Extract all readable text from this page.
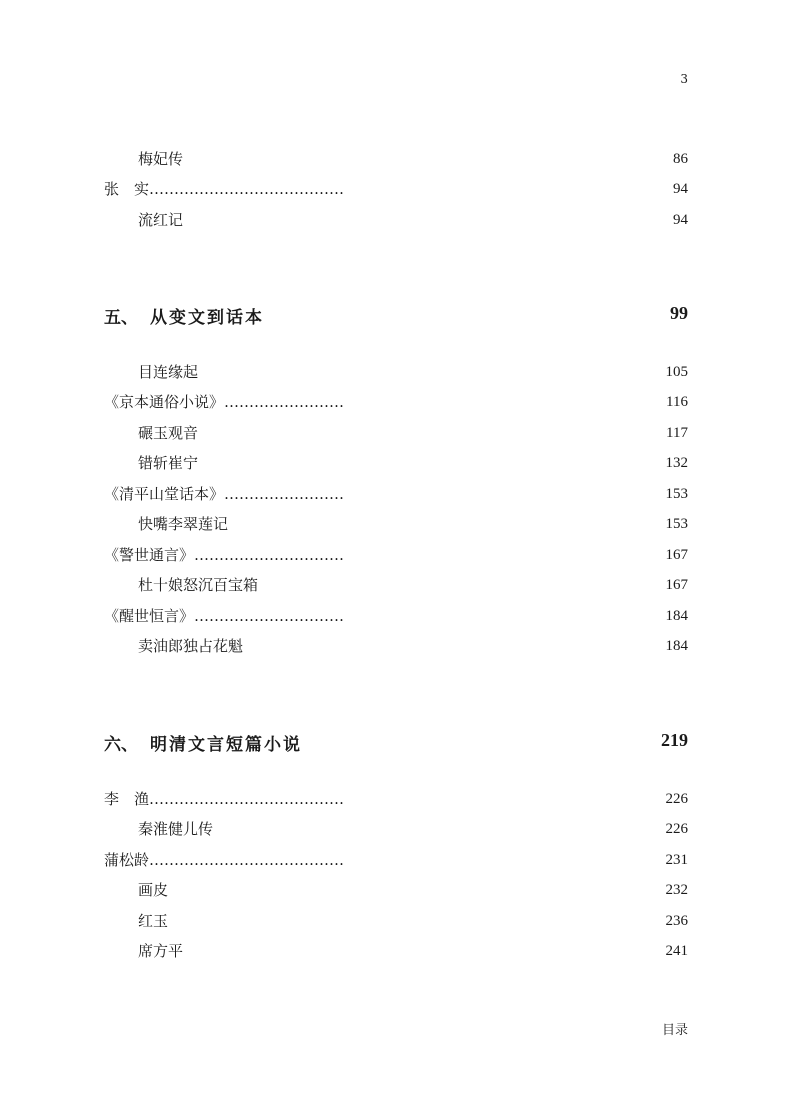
3
梅妃传	86
张　实…………………………………	94
流红记	94
五、 从变文到话本	99
目连缘起	105
《京本通俗小说》……………………	116
碾玉观音	117
错斩崔宁	132
《清平山堂话本》……………………	153
快嘴李翠莲记	153
《警世通言》…………………………	167
杜十娘怒沉百宝箱	167
《醒世恒言》…………………………	184
卖油郎独占花魁	184
六、 明清文言短篇小说	219
李　渔…………………………………	226
秦淮健儿传	226
蒲松龄…………………………………	231
画皮	232
红玉	236
席方平	241
目录
